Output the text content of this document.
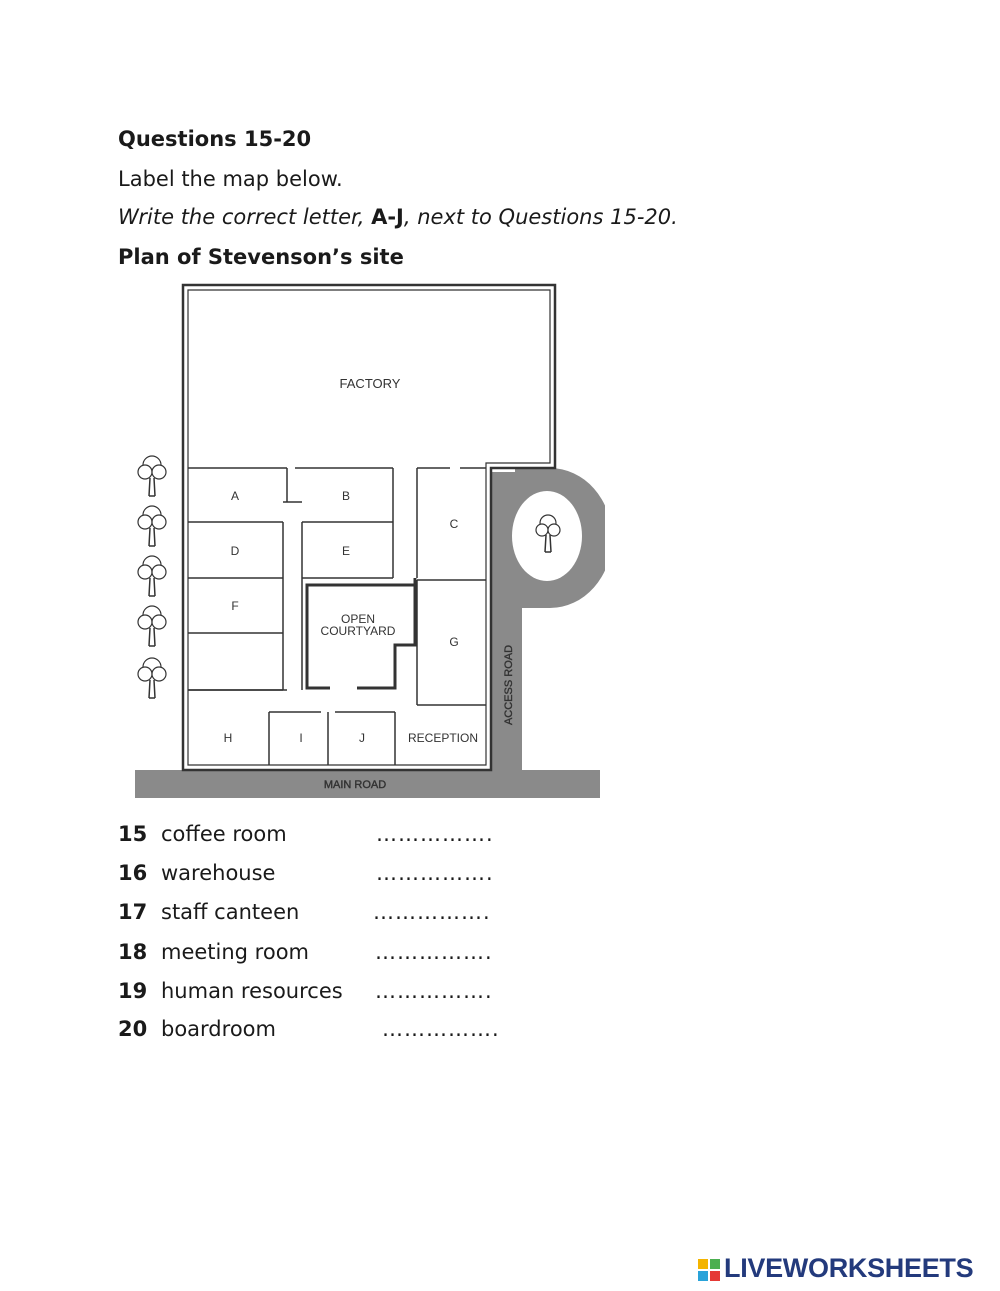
Questions 15-20
Label the map below.
Write the correct letter, A-J, next to Questions 15-20.
Plan of Stevenson’s site
MAIN ROAD
ACCESS ROAD
FACTORY
OPEN
COURTYARD
A	B
C
D	E
F
G
H	I	J	RECEPTION
15 coffee room	…………….
16 warehouse	…………….
17 staff canteen	…………….
18 meeting room	…………….
19 human resources …………….
20 boardroom	…………….
LIVEWORKSHEETS
